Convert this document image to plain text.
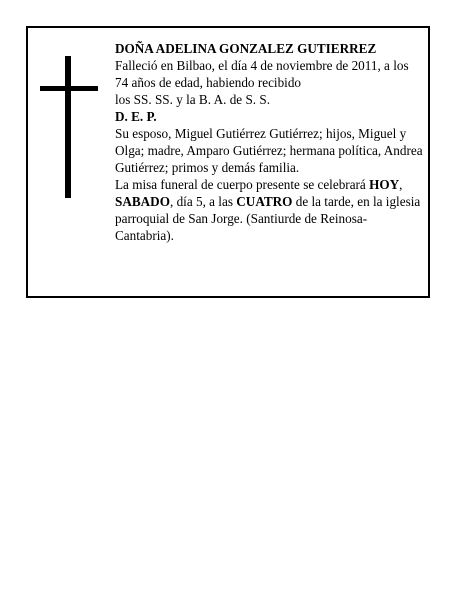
DOÑA ADELINA GONZALEZ GUTIERREZ

Falleció en Bilbao, el día 4 de noviembre de 2011, a los

74 años de edad, habiendo recibido

los SS. SS. y la B. A. de S. S.

D. E. P.

Su esposo, Miguel Gutiérrez Gutiérrez; hijos, Miguel y Olga; madre, Amparo Gutiérrez; hermana política, Andrea Gutiérrez; primos y demás familia.

La misa funeral de cuerpo presente se celebrará HOY, SABADO, día 5, a las CUATRO de la tarde, en la iglesia parroquial de San Jorge. (Santiurde de Reinosa-Cantabria).
